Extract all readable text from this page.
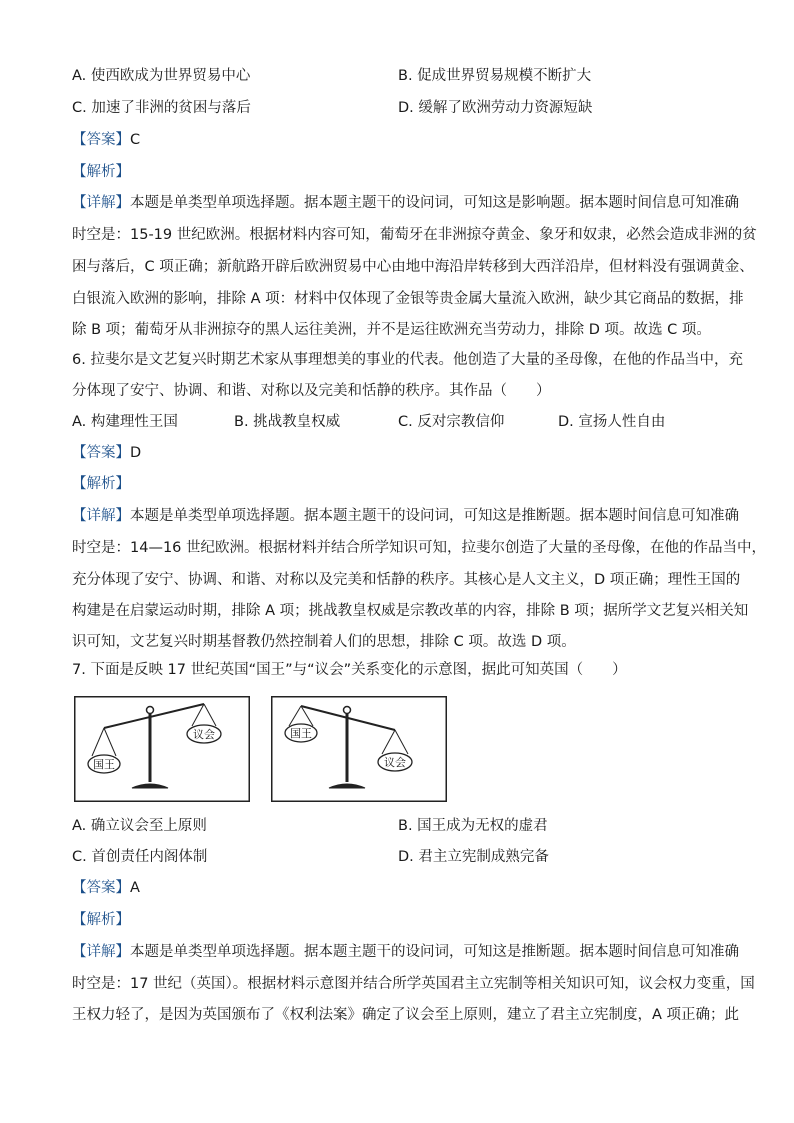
A. 使西欧成为世界贸易中心	B. 促成世界贸易规模不断扩大
C. 加速了非洲的贫困与落后	D. 缓解了欧洲劳动力资源短缺
【答案】C
【解析】
【详解】本题是单类型单项选择题。据本题主题干的设问词，可知这是影响题。据本题时间信息可知准确
时空是：15-19 世纪欧洲。根据材料内容可知，葡萄牙在非洲掠夺黄金、象牙和奴隶，必然会造成非洲的贫
困与落后，C 项正确；新航路开辟后欧洲贸易中心由地中海沿岸转移到大西洋沿岸，但材料没有强调黄金、
白银流入欧洲的影响，排除 A 项：材料中仅体现了金银等贵金属大量流入欧洲，缺少其它商品的数据，排
除 B 项；葡萄牙从非洲掠夺的黑人运往美洲，并不是运往欧洲充当劳动力，排除 D 项。故选 C 项。
6. 拉斐尔是文艺复兴时期艺术家从事理想美的事业的代表。他创造了大量的圣母像，在他的作品当中，充
分体现了安宁、协调、和谐、对称以及完美和恬静的秩序。其作品（　　）
A. 构建理性王国	B. 挑战教皇权威	C. 反对宗教信仰	D. 宣扬人性自由
【答案】D
【解析】
【详解】本题是单类型单项选择题。据本题主题干的设问词，可知这是推断题。据本题时间信息可知准确
时空是：14—16 世纪欧洲。根据材料并结合所学知识可知，拉斐尔创造了大量的圣母像，在他的作品当中，
充分体现了安宁、协调、和谐、对称以及完美和恬静的秩序。其核心是人文主义，D 项正确；理性王国的
构建是在启蒙运动时期，排除 A 项；挑战教皇权威是宗教改革的内容，排除 B 项；据所学文艺复兴相关知
识可知，文艺复兴时期基督教仍然控制着人们的思想，排除 C 项。故选 D 项。
7. 下面是反映 17 世纪英国“国王”与“议会”关系变化的示意图，据此可知英国（　　）
国王
议会	国王
议会
A. 确立议会至上原则	B. 国王成为无权的虚君
C. 首创责任内阁体制	D. 君主立宪制成熟完备
【答案】A
【解析】
【详解】本题是单类型单项选择题。据本题主题干的设问词，可知这是推断题。据本题时间信息可知准确
时空是：17 世纪（英国）。根据材料示意图并结合所学英国君主立宪制等相关知识可知，议会权力变重，国
王权力轻了，是因为英国颁布了《权利法案》确定了议会至上原则，建立了君主立宪制度，A 项正确；此
